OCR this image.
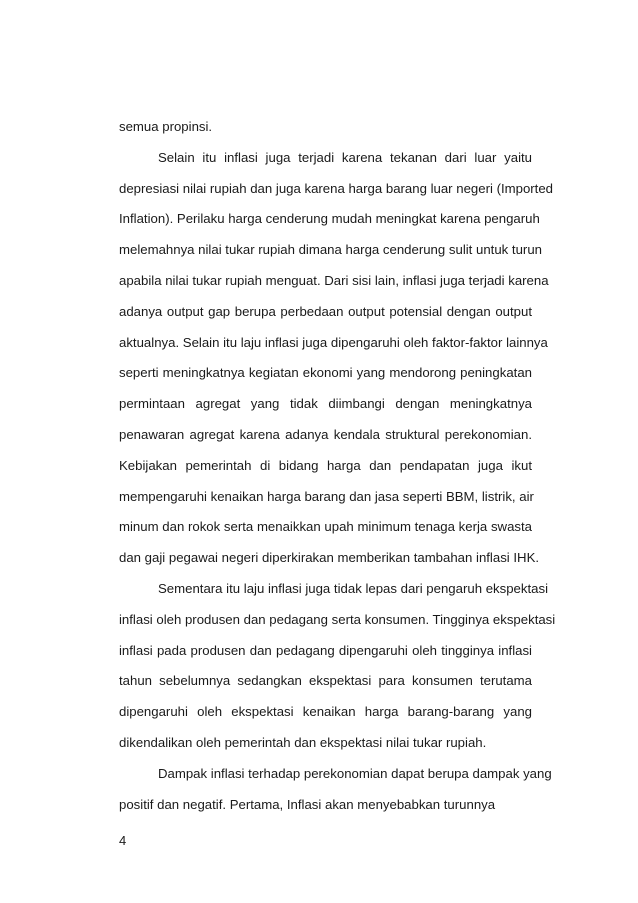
semua propinsi.
Selain itu inflasi juga terjadi karena tekanan dari luar yaitu
depresiasi nilai rupiah dan juga karena harga barang luar negeri (Imported
Inflation). Perilaku harga cenderung mudah meningkat karena pengaruh
melemahnya nilai tukar rupiah dimana harga cenderung sulit untuk turun
apabila nilai tukar rupiah menguat. Dari sisi lain, inflasi juga terjadi karena
adanya output gap berupa perbedaan output potensial dengan output
aktualnya. Selain itu laju inflasi juga dipengaruhi oleh faktor-faktor lainnya
seperti meningkatnya kegiatan ekonomi yang mendorong peningkatan
permintaan agregat yang tidak diimbangi dengan meningkatnya
penawaran agregat karena adanya kendala struktural perekonomian.
Kebijakan pemerintah di bidang harga dan pendapatan juga ikut
mempengaruhi kenaikan harga barang dan jasa seperti BBM, listrik, air
minum dan rokok serta menaikkan upah minimum tenaga kerja swasta
dan gaji pegawai negeri diperkirakan memberikan tambahan inflasi IHK.
Sementara itu laju inflasi juga tidak lepas dari pengaruh ekspektasi
inflasi oleh produsen dan pedagang serta konsumen. Tingginya ekspektasi
inflasi pada produsen dan pedagang dipengaruhi oleh tingginya inflasi
tahun sebelumnya sedangkan ekspektasi para konsumen terutama
dipengaruhi oleh ekspektasi kenaikan harga barang-barang yang
dikendalikan oleh pemerintah dan ekspektasi nilai tukar rupiah.
Dampak inflasi terhadap perekonomian dapat berupa dampak yang
positif dan negatif. Pertama, Inflasi akan menyebabkan turunnya
4
